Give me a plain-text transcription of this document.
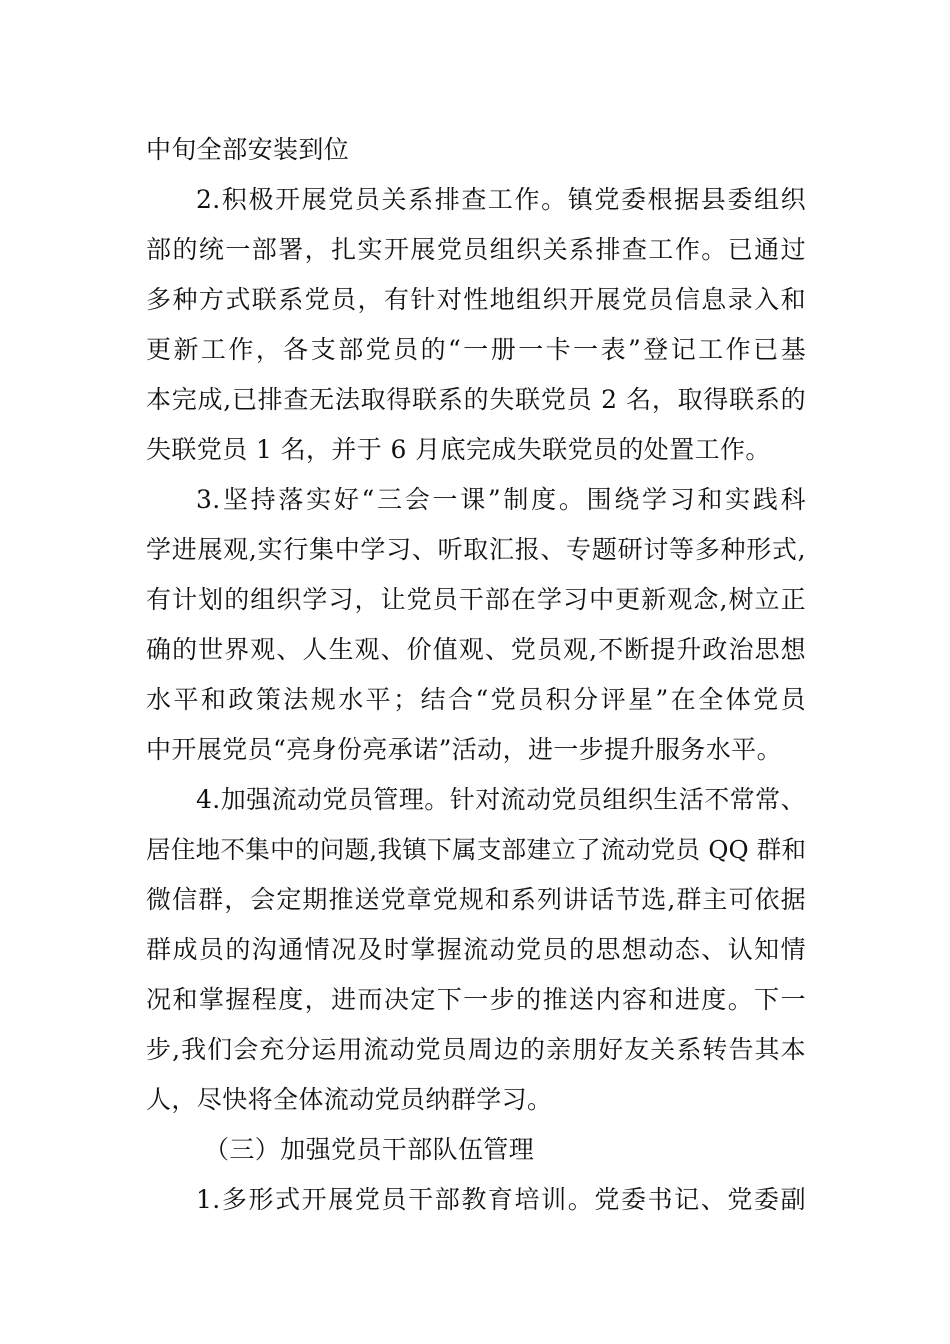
中旬全部安装到位
2.积极开展党员关系排查工作。镇党委根据县委组织
部的统一部署，扎实开展党员组织关系排查工作。已通过
多种方式联系党员，有针对性地组织开展党员信息录入和
更新工作，各支部党员的“一册一卡一表”登记工作已基
本完成,已排查无法取得联系的失联党员 2 名，取得联系的
失联党员 1 名，并于 6 月底完成失联党员的处置工作。
3.坚持落实好“三会一课”制度。围绕学习和实践科
学进展观,实行集中学习、听取汇报、专题研讨等多种形式,
有计划的组织学习，让党员干部在学习中更新观念,树立正
确的世界观、人生观、价值观、党员观,不断提升政治思想
水平和政策法规水平；结合“党员积分评星”在全体党员
中开展党员“亮身份亮承诺”活动，进一步提升服务水平。
4.加强流动党员管理。针对流动党员组织生活不常常、
居住地不集中的问题,我镇下属支部建立了流动党员 QQ 群和
微信群，会定期推送党章党规和系列讲话节选,群主可依据
群成员的沟通情况及时掌握流动党员的思想动态、认知情
况和掌握程度，进而决定下一步的推送内容和进度。下一
步,我们会充分运用流动党员周边的亲朋好友关系转告其本
人，尽快将全体流动党员纳群学习。
（三）加强党员干部队伍管理
1.多形式开展党员干部教育培训。党委书记、党委副
